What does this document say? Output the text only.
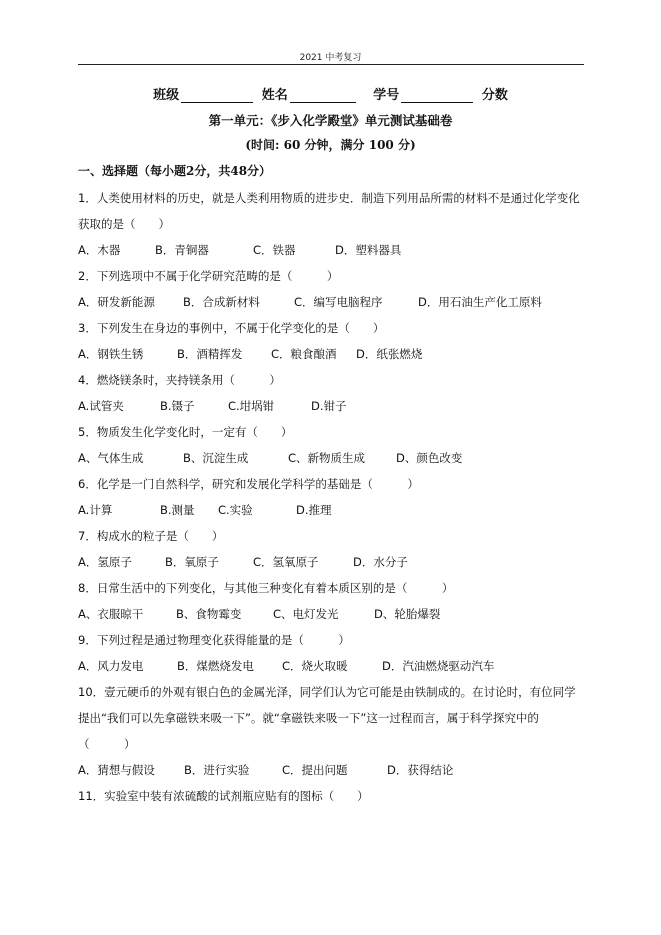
2021 中考复习
班级	姓名	学号	分数
第一单元：《步入化学殿堂》单元测试基础卷
(时间: 60 分钟，满分 100 分)
一、选择题（每小题2分，共48分）
1．人类使用材料的历史，就是人类利用物质的进步史．制造下列用品所需的材料不是通过化学变化
获取的是（　　）
A．木器	B．青铜器	C．铁器	D．塑料器具
2．下列选项中不属于化学研究范畴的是（　　　）
A．研发新能源 B．合成新材料	C．编写电脑程序	D．用石油生产化工原料
3．下列发生在身边的事例中，不属于化学变化的是（　　）
A．钢铁生锈	B．酒精挥发 C．粮食酿酒 D．纸张燃烧
4．燃烧镁条时，夹持镁条用（　　　）
A.试管夹	B.镊子	C.坩埚钳	D.钳子
5．物质发生化学变化时，一定有（　　）
A、气体生成	B、沉淀生成	C、新物质生成	D、颜色改变
6．化学是一门自然科学，研究和发展化学科学的基础是（　　　）
A.计算	B.测量 C.实验	D.推理
7．构成水的粒子是（　　）
A．氢原子	B．氧原子	C．氢氧原子	D．水分子
8．日常生活中的下列变化，与其他三种变化有着本质区别的是（　　　）
A、衣服晾干	B、食物霉变	C、电灯发光	D、轮胎爆裂
9．下列过程是通过物理变化获得能量的是（　　　）
A．风力发电	B．煤燃烧发电 C．烧火取暖	D．汽油燃烧驱动汽车
10．壹元硬币的外观有银白色的金属光泽，同学们认为它可能是由铁制成的。在讨论时，有位同学
提出“我们可以先拿磁铁来吸一下”。就“拿磁铁来吸一下”这一过程而言，属于科学探究中的
（　　　）
A．猜想与假设	B．进行实验	C．提出问题	D．获得结论
11．实验室中装有浓硫酸的试剂瓶应贴有的图标（　　）
